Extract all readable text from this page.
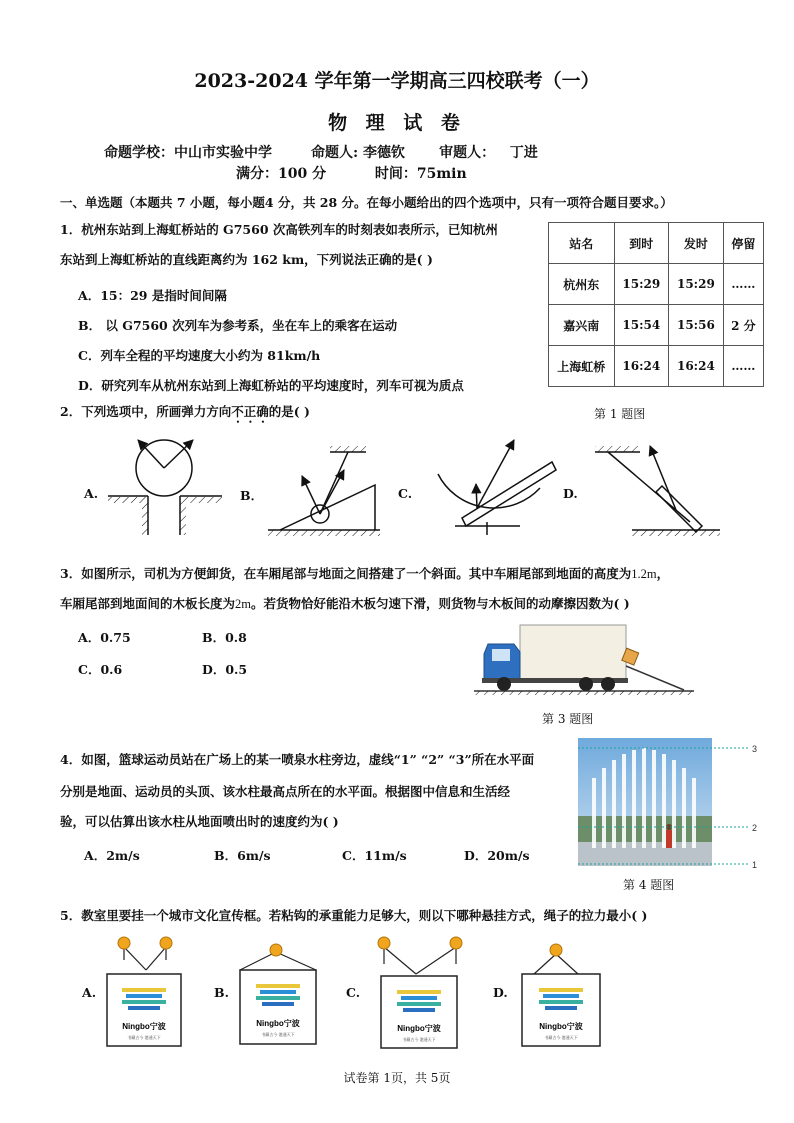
2023-2024 学年第一学期高三四校联考（一）
物 理 试 卷
命题学校：中山市实验中学	命题人: 李德钦 审题人：   丁进
满分：100 分	时间：75min
一、单选题（本题共 7 小题，每小题4 分，共 28 分。在每小题给出的四个选项中，只有一项符合题目要求。）
1．杭州东站到上海虹桥站的 G7560 次高铁列车的时刻表如表所示，已知杭州
东站到上海虹桥站的直线距离约为 162 km，下列说法正确的是( )
A．15：29 是指时间间隔
B． 以 G7560 次列车为参考系，坐在车上的乘客在运动
C．列车全程的平均速度大小约为 81km/h
D．研究列车从杭州东站到上海虹桥站的平均速度时，列车可视为质点
站名	到时	发时	停留
杭州东	15:29	15:29	……
嘉兴南	15:54	15:56	2 分
上海虹桥	16:24	16:24	……
第 1 题图
2．下列选项中，所画弹力方向不正确的是( )
A.	B．	C.	D.
3．如图所示，司机为方便卸货，在车厢尾部与地面之间搭建了一个斜面。其中车厢尾部到地面的高度为1.2m，
车厢尾部到地面间的木板长度为2m。若货物恰好能沿木板匀速下滑，则货物与木板间的动摩擦因数为( )
A．0.75	B．0.8
C．0.6	D．0.5
第 3 题图
4．如图，篮球运动员站在广场上的某一喷泉水柱旁边，虚线“1” “2” “3”所在水平面
分别是地面、运动员的头顶、该水柱最高点所在的水平面。根据图中信息和生活经
验，可以估算出该水柱从地面喷出时的速度约为( )
A．2m/s	B．6m/s	C．11m/s	D．20m/s
3
2
1
第 4 题图
5．教室里要挂一个城市文化宣传框。若粘钩的承重能力足够大，则以下哪种悬挂方式，绳子的拉力最小( )
A.	B.	C.	D.
Ningbo宁波
书藏古今 港通天下
Ningbo宁波
书藏古今 港通天下
Ningbo宁波
书藏古今 港通天下
Ningbo宁波
书藏古今 港通天下
试卷第 1页，共 5页
